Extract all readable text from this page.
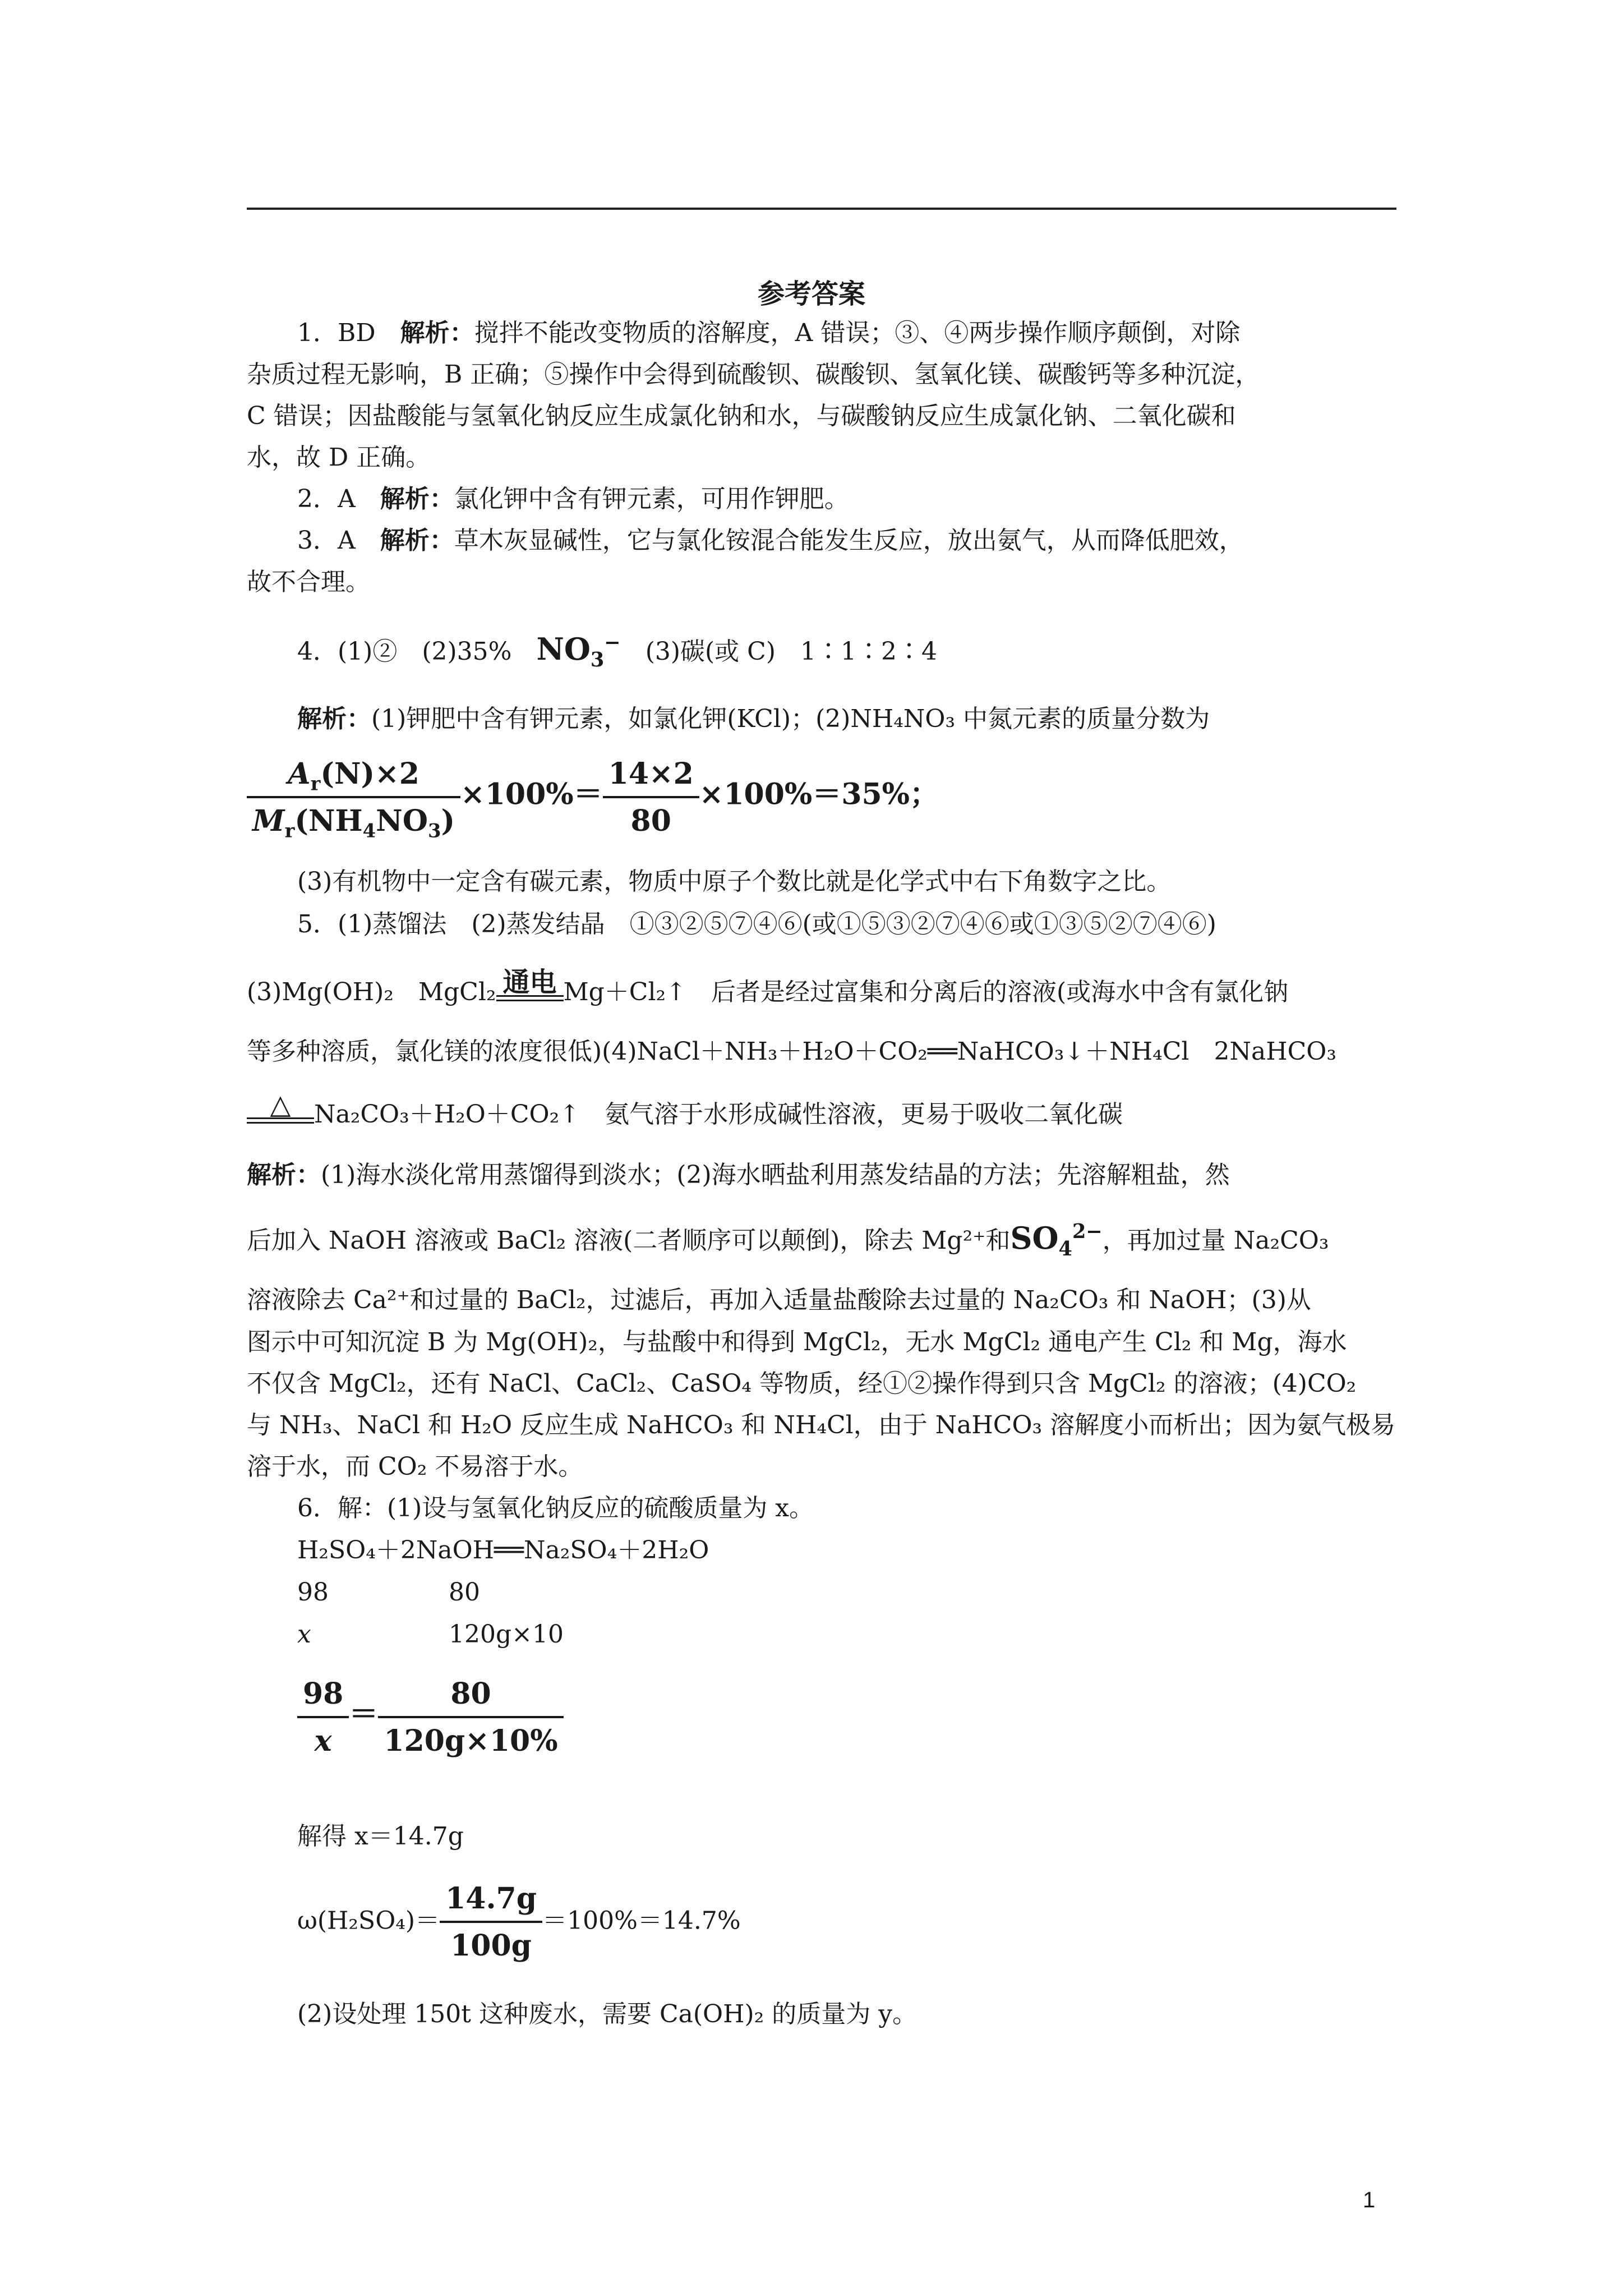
参考答案
1．BD　 解析：搅拌不能改变物质的溶解度，A 错误；③、④两步操作顺序颠倒，对除
杂质过程无影响，B 正确；⑤操作中会得到硫酸钡、碳酸钡、氢氧化镁、碳酸钙等多种沉淀，
C 错误；因盐酸能与氢氧化钠反应生成氯化钠和水，与碳酸钠反应生成氯化钠、二氧化碳和
水，故 D 正确。
2．A　 解析：氯化钾中含有钾元素，可用作钾肥。
3．A　 解析：草木灰显碱性，它与氯化铵混合能发生反应，放出氨气，从而降低肥效，
故不合理。
4．(1)②　(2)35%　 $NO_3^-$　 (3)碳(或 C)　1∶1∶2∶4
解析：(1)钾肥中含有钾元素，如氯化钾(KCl)；(2)NH₄NO₃ 中氮元素的质量分数为
$\frac{A_r(N)\times 2}{M_r(NH_4NO_3)} \times 100\%= \frac{14\times 2}{80} \times 100\%=35\%$；
(3)有机物中一定含有碳元素，物质中原子个数比就是化学式中右下角数字之比。
5．(1)蒸馏法　(2)蒸发结晶　①③②⑤⑦④⑥(或①⑤③②⑦④⑥或①③⑤②⑦④⑥)
(3)Mg(OH)₂　MgCl₂ 通电 Mg＋Cl₂↑　后者是经过富集和分离后的溶液(或海水中含有氯化钠
等多种溶质，氯化镁的浓度很低)(4)NaCl＋NH₃＋H₂O＋CO₂══NaHCO₃↓＋NH₄Cl　2NaHCO₃
△ Na₂CO₃＋H₂O＋CO₂↑　氨气溶于水形成碱性溶液，更易于吸收二氧化碳
解析：(1)海水淡化常用蒸馏得到淡水；(2)海水晒盐利用蒸发结晶的方法；先溶解粗盐，然
后加入 NaOH 溶液或 BaCl₂ 溶液(二者顺序可以颠倒)，除去 Mg²⁺和$SO_4^{2-}$，再加过量 Na₂CO₃
溶液除去 Ca²⁺和过量的 BaCl₂，过滤后，再加入适量盐酸除去过量的 Na₂CO₃ 和 NaOH；(3)从
图示中可知沉淀 B 为 Mg(OH)₂，与盐酸中和得到 MgCl₂，无水 MgCl₂ 通电产生 Cl₂ 和 Mg，海水
不仅含 MgCl₂，还有 NaCl、CaCl₂、CaSO₄ 等物质，经①②操作得到只含 MgCl₂ 的溶液；(4)CO₂
与 NH₃、NaCl 和 H₂O 反应生成 NaHCO₃ 和 NH₄Cl，由于 NaHCO₃ 溶解度小而析出；因为氨气极易
溶于水，而 CO₂ 不易溶于水。
6．解：(1)设与氢氧化钠反应的硫酸质量为 x。
H₂SO₄＋2NaOH══Na₂SO₄＋2H₂O
98	80
x	120g×10
$\frac{98}{x} = \frac{80}{120g\times 10\%}$
解得 x＝14.7g
$\omega(H_2SO_4)= \frac{14.7g}{100g} =100\%=14.7\%$
(2)设处理 150t 这种废水，需要 Ca(OH)₂ 的质量为 y。
1
